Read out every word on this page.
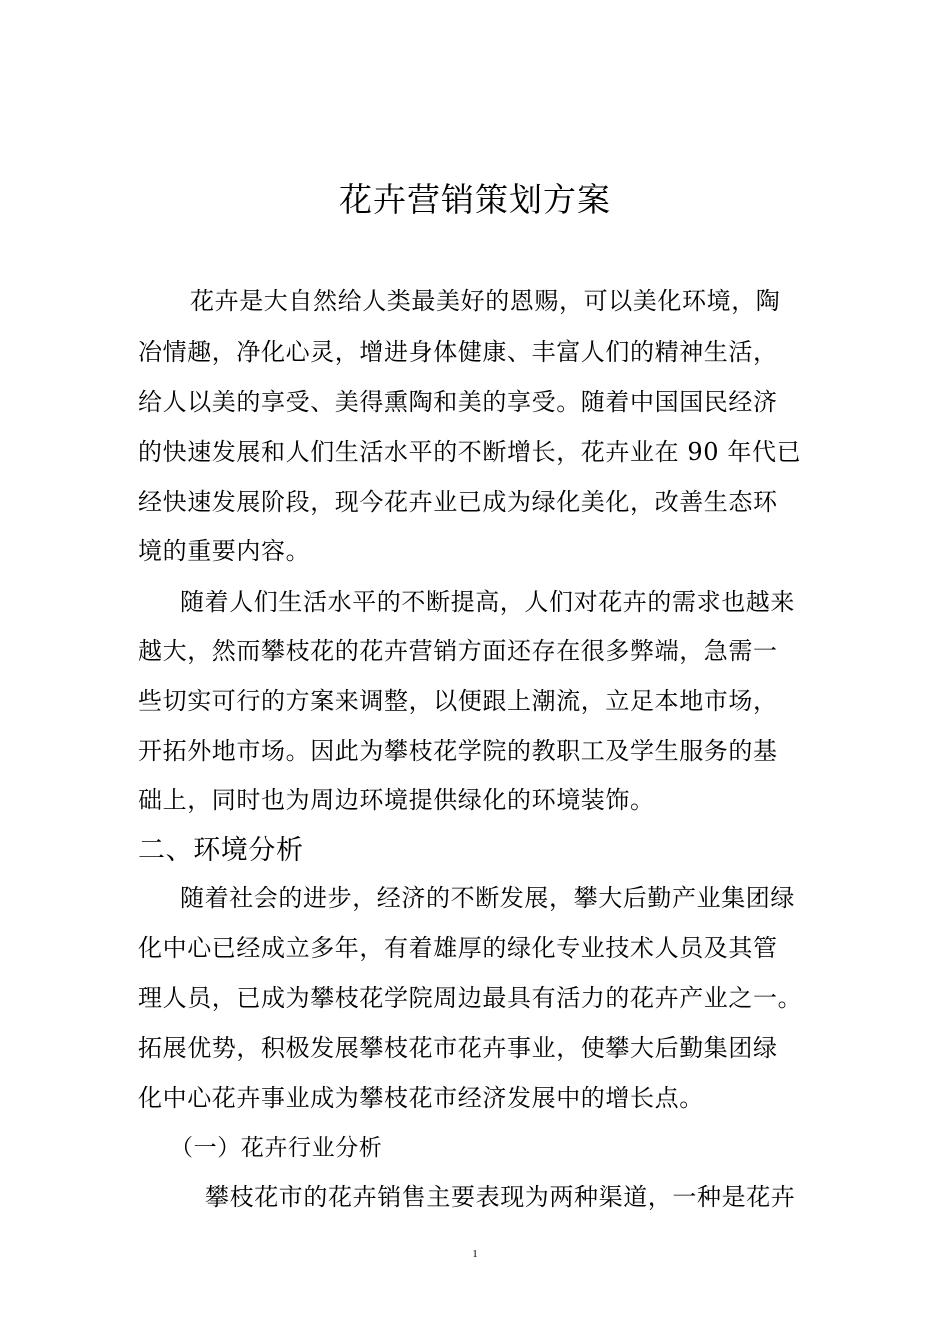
花卉营销策划方案
花卉是大自然给人类最美好的恩赐，可以美化环境，陶
冶情趣，净化心灵，增进身体健康、丰富人们的精神生活，
给人以美的享受、美得熏陶和美的享受。随着中国国民经济
的快速发展和人们生活水平的不断增长，花卉业在 90 年代已
经快速发展阶段，现今花卉业已成为绿化美化，改善生态环
境的重要内容。
随着人们生活水平的不断提高，人们对花卉的需求也越来
越大，然而攀枝花的花卉营销方面还存在很多弊端，急需一
些切实可行的方案来调整，以便跟上潮流，立足本地市场，
开拓外地市场。因此为攀枝花学院的教职工及学生服务的基
础上，同时也为周边环境提供绿化的环境装饰。
二、环境分析
随着社会的进步，经济的不断发展，攀大后勤产业集团绿
化中心已经成立多年，有着雄厚的绿化专业技术人员及其管
理人员，已成为攀枝花学院周边最具有活力的花卉产业之一。
拓展优势，积极发展攀枝花市花卉事业，使攀大后勤集团绿
化中心花卉事业成为攀枝花市经济发展中的增长点。
（一）花卉行业分析
攀枝花市的花卉销售主要表现为两种渠道，一种是花卉
1
